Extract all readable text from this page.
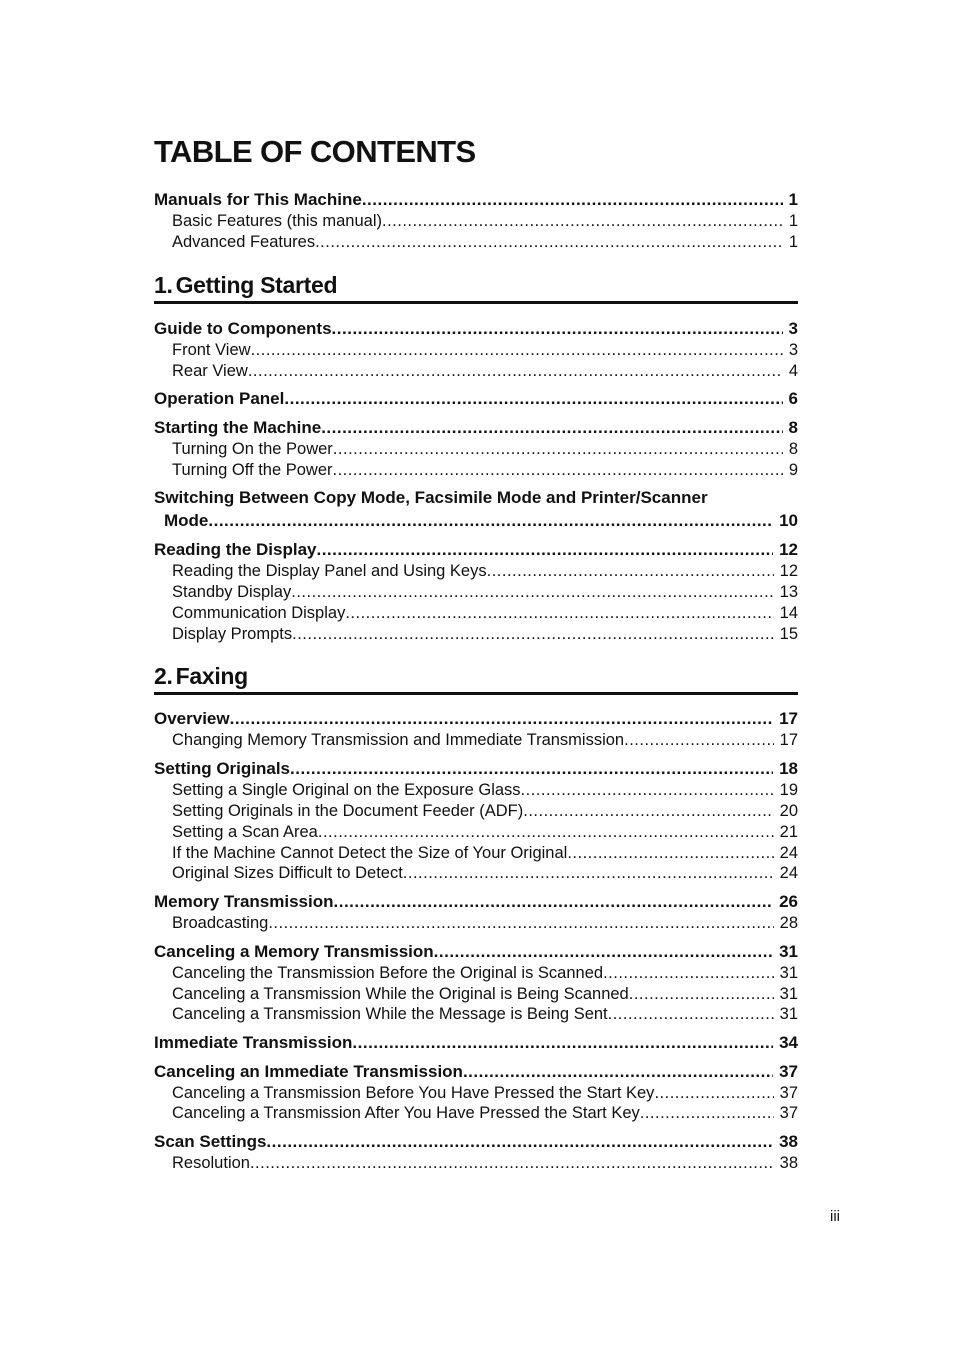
TABLE OF CONTENTS
Manuals for This Machine .....	1
Basic Features (this manual) .....	1
Advanced Features .....	1
1. Getting Started
Guide to Components .....	3
Front View .....	3
Rear View .....	4
Operation Panel .....	6
Starting the Machine .....	8
Turning On the Power .....	8
Turning Off the Power .....	9
Switching Between Copy Mode, Facsimile Mode and Printer/Scanner
Mode .....	10
Reading the Display .....	12
Reading the Display Panel and Using Keys .....	12
Standby Display .....	13
Communication Display .....	14
Display Prompts .....	15
2. Faxing
Overview .....	17
Changing Memory Transmission and Immediate Transmission .....	17
Setting Originals .....	18
Setting a Single Original on the Exposure Glass .....	19
Setting Originals in the Document Feeder (ADF) .....	20
Setting a Scan Area .....	21
If the Machine Cannot Detect the Size of Your Original .....	24
Original Sizes Difficult to Detect .....	24
Memory Transmission .....	26
Broadcasting .....	28
Canceling a Memory Transmission .....	31
Canceling the Transmission Before the Original is Scanned .....	31
Canceling a Transmission While the Original is Being Scanned .....	31
Canceling a Transmission While the Message is Being Sent .....	31
Immediate Transmission .....	34
Canceling an Immediate Transmission .....	37
Canceling a Transmission Before You Have Pressed the Start Key .....	37
Canceling a Transmission After You Have Pressed the Start Key .....	37
Scan Settings .....	38
Resolution .....	38
iii
